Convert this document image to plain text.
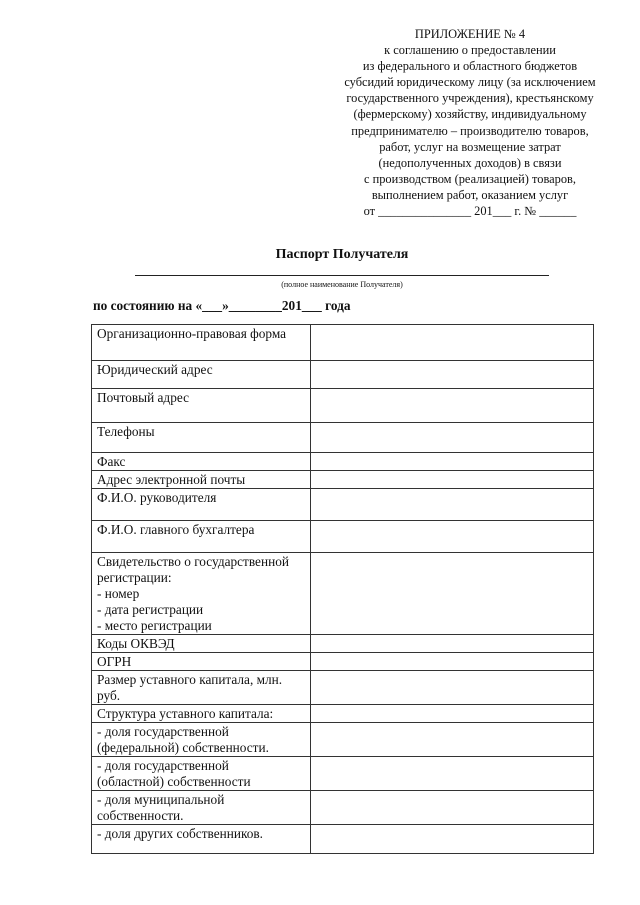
ПРИЛОЖЕНИЕ № 4
к соглашению о предоставлении
из федерального и областного бюджетов
субсидий юридическому лицу (за исключением
государственного учреждения), крестьянскому
(фермерскому) хозяйству, индивидуальному
предпринимателю – производителю товаров,
работ, услуг на возмещение затрат
(недополученных доходов) в связи
с производством (реализацией) товаров,
выполнением работ, оказанием услуг
от _______________ 201___ г. № ______
Паспорт Получателя
(полное наименование Получателя)
по состоянию на «___»________201___ года
Организационно-правовая форма	

Юридический адрес	

Почтовый адрес	

Телефоны	

Факс	

Адрес электронной почты	

Ф.И.О. руководителя	

Ф.И.О. главного бухгалтера	

Свидетельство о государственной
регистрации:
- номер
- дата регистрации
- место регистрации	

Коды ОКВЭД	

ОГРН	

Размер уставного капитала, млн.
руб.	

Структура уставного капитала:	

- доля государственной
(федеральной) собственности.	

- доля государственной
(областной) собственности	

- доля муниципальной
собственности.	

- доля других собственников.	
